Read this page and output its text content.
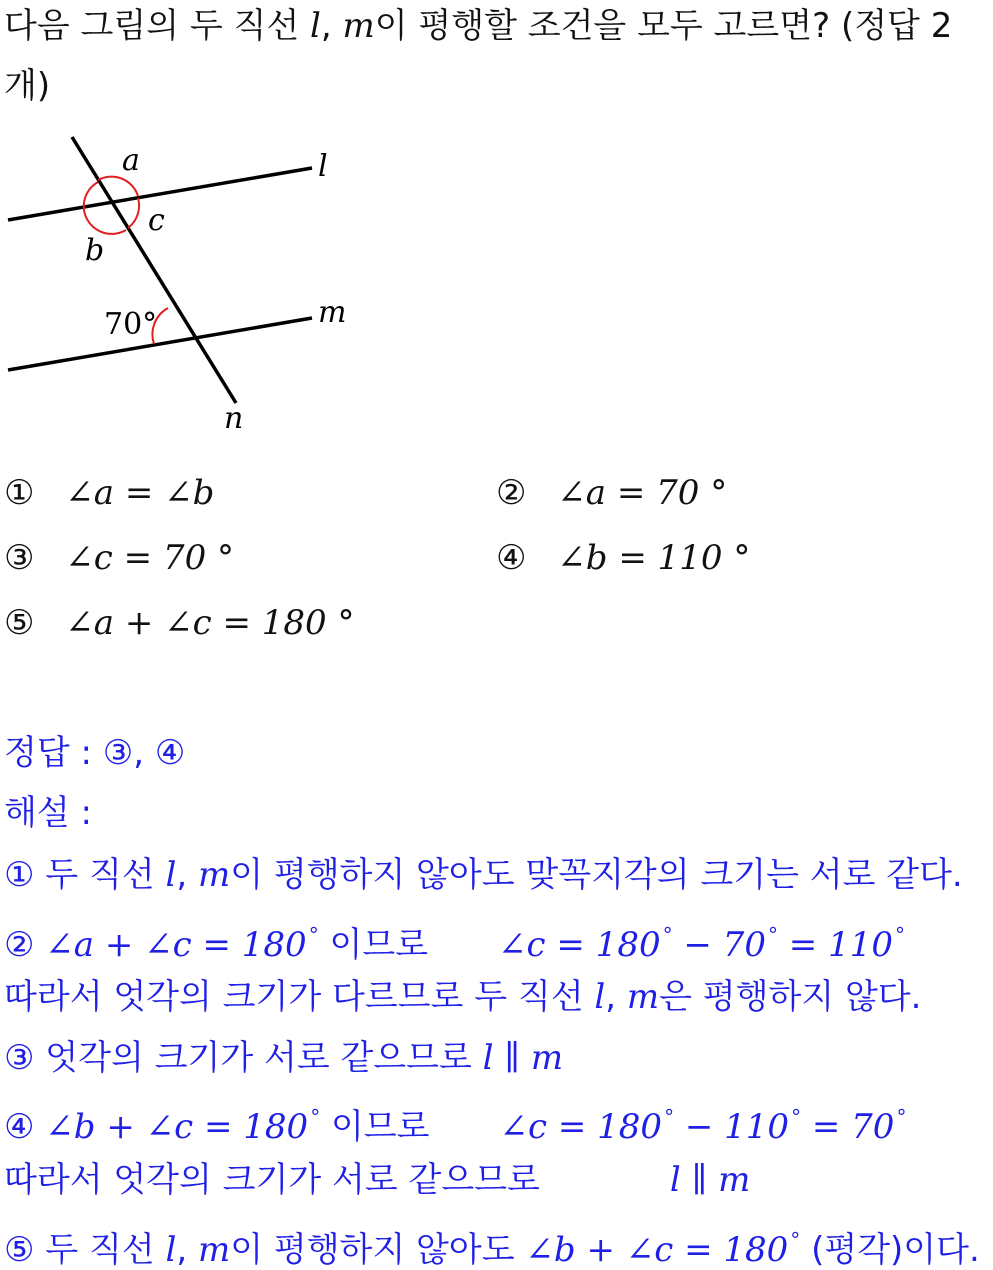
다음 그림의 두 직선 l, m이 평행할 조건을 모두 고르면? (정답 2
개)
a
c
b
l
m
n
70°
① ∠a = ∠b	② ∠a = 70 °
③ ∠c = 70 °	④ ∠b = 110 °
⑤ ∠a + ∠c = 180 °
정답 : ③, ④
해설 :
① 두 직선 l, m이 평행하지 않아도 맞꼭지각의 크기는 서로 같다.
② ∠a + ∠c = 180 ° 이므로 ∠c = 180 ° − 70 ° = 110 °
따라서 엇각의 크기가 다르므로 두 직선 l, m은 평행하지 않다.
③ 엇각의 크기가 서로 같으므로 l ∥ m
④ ∠b + ∠c = 180 ° 이므로 ∠c = 180 ° − 110 ° = 70 °
따라서 엇각의 크기가 서로 같으므로	l ∥ m
⑤ 두 직선 l, m이 평행하지 않아도 ∠b + ∠c = 180 ° (평각)이다.
